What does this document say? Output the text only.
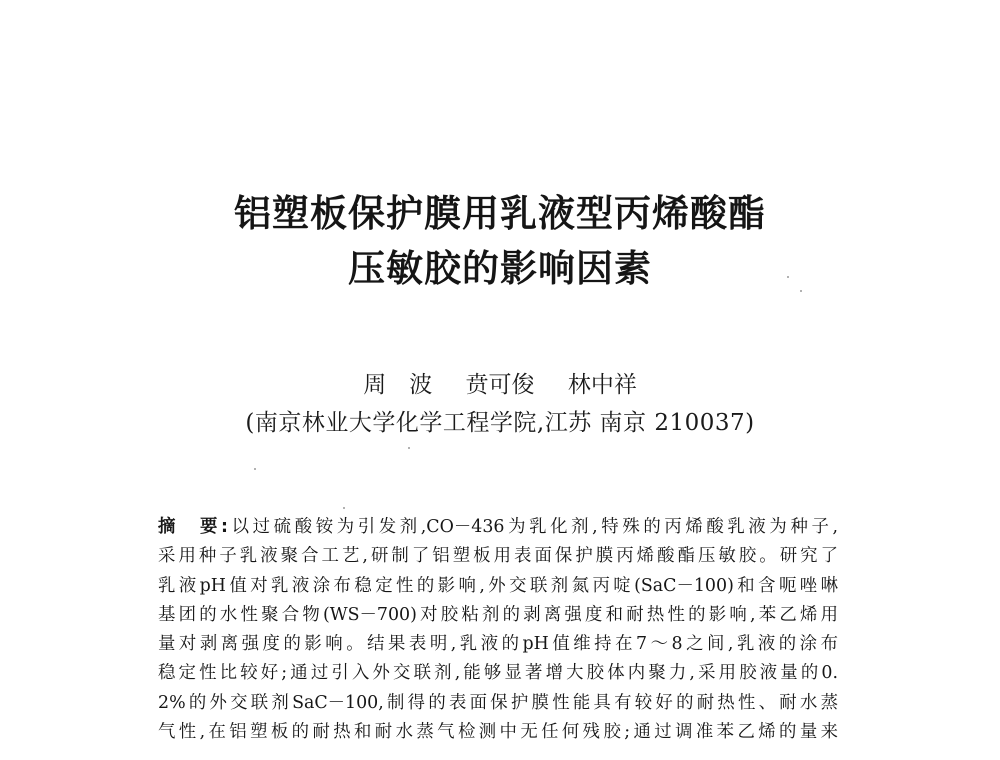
铝塑板保护膜用乳液型丙烯酸酯
压敏胶的影响因素
周　波 贲可俊 林中祥
(南京林业大学化学工程学院,江苏 南京 210037)
摘　要:以过硫酸铵为引发剂,CO－436为乳化剂,特殊的丙烯酸乳液为种子,
采用种子乳液聚合工艺,研制了铝塑板用表面保护膜丙烯酸酯压敏胶。研究了
乳液pH值对乳液涂布稳定性的影响,外交联剂氮丙啶(SaC－100)和含呃唑啉
基团的水性聚合物(WS－700)对胶粘剂的剥离强度和耐热性的影响,苯乙烯用
量对剥离强度的影响。结果表明,乳液的pH值维持在7～8之间,乳液的涂布
稳定性比较好;通过引入外交联剂,能够显著增大胶体内聚力,采用胶液量的0.
2%的外交联剂SaC－100,制得的表面保护膜性能具有较好的耐热性、耐水蒸
气性,在铝塑板的耐热和耐水蒸气检测中无任何残胶;通过调准苯乙烯的量来
